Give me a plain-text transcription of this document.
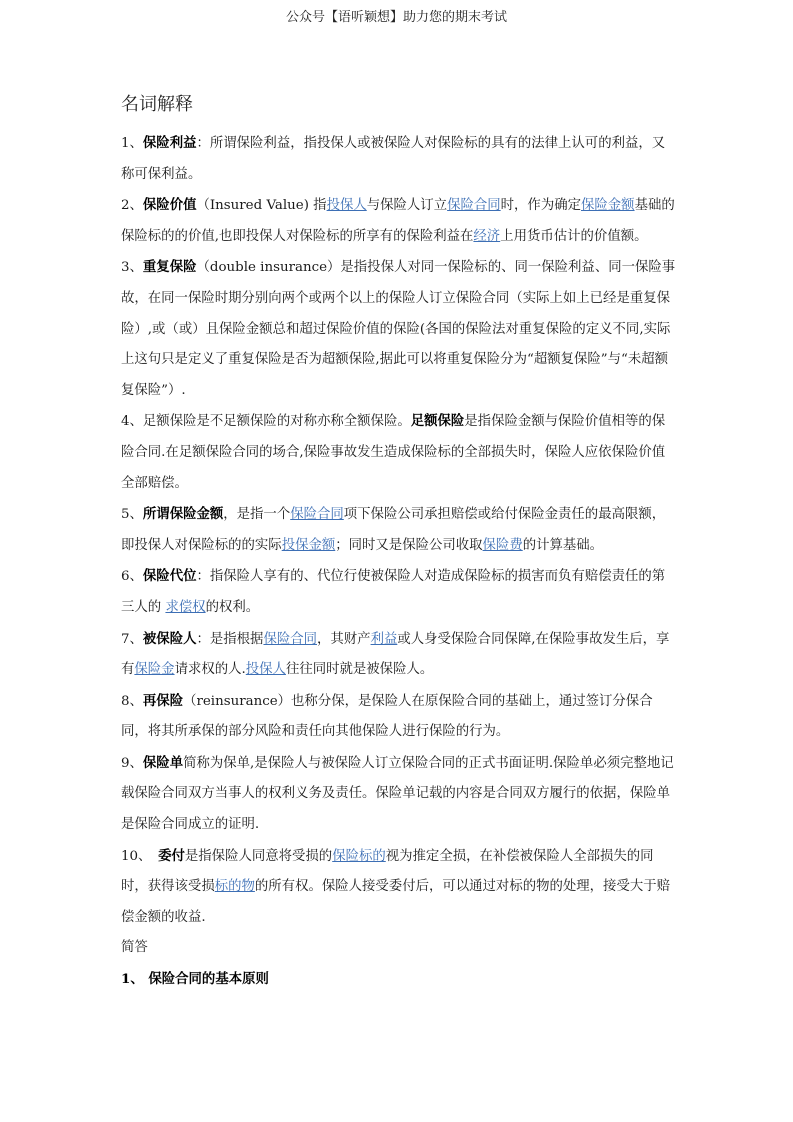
公众号【语听颖想】助力您的期末考试
名词解释

1、保险利益：所谓保险利益，指投保人或被保险人对保险标的具有的法律上认可的利益，又称可保利益。

2、保险价值（Insured Value) 指投保人与保险人订立保险合同时，作为确定保险金额基础的保险标的的价值,也即投保人对保险标的所享有的保险利益在经济上用货币估计的价值额。

3、重复保险（double insurance）是指投保人对同一保险标的、同一保险利益、同一保险事故，在同一保险时期分别向两个或两个以上的保险人订立保险合同（实际上如上已经是重复保险）,或（或）且保险金额总和超过保险价值的保险(各国的保险法对重复保险的定义不同,实际上这句只是定义了重复保险是否为超额保险,据此可以将重复保险分为“超额复保险”与“未超额复保险”）.

4、足额保险是不足额保险的对称亦称全额保险。足额保险是指保险金额与保险价值相等的保险合同.在足额保险合同的场合,保险事故发生造成保险标的全部损失时，保险人应依保险价值全部赔偿。

5、所谓保险金额，是指一个保险合同项下保险公司承担赔偿或给付保险金责任的最高限额，即投保人对保险标的的实际投保金额；同时又是保险公司收取保险费的计算基础。

6、保险代位：指保险人享有的、代位行使被保险人对造成保险标的损害而负有赔偿责任的第三人的 求偿权的权利。

7、被保险人：是指根据保险合同，其财产利益或人身受保险合同保障,在保险事故发生后，享有保险金请求权的人.投保人往往同时就是被保险人。

8、再保险（reinsurance）也称分保，是保险人在原保险合同的基础上，通过签订分保合同，将其所承保的部分风险和责任向其他保险人进行保险的行为。

9、保险单简称为保单,是保险人与被保险人订立保险合同的正式书面证明.保险单必须完整地记载保险合同双方当事人的权利义务及责任。保险单记载的内容是合同双方履行的依据，保险单是保险合同成立的证明.

10、　委付是指保险人同意将受损的保险标的视为推定全损，在补偿被保险人全部损失的同时，获得该受损标的物的所有权。保险人接受委付后，可以通过对标的物的处理，接受大于赔偿金额的收益.

简答

1、 保险合同的基本原则
